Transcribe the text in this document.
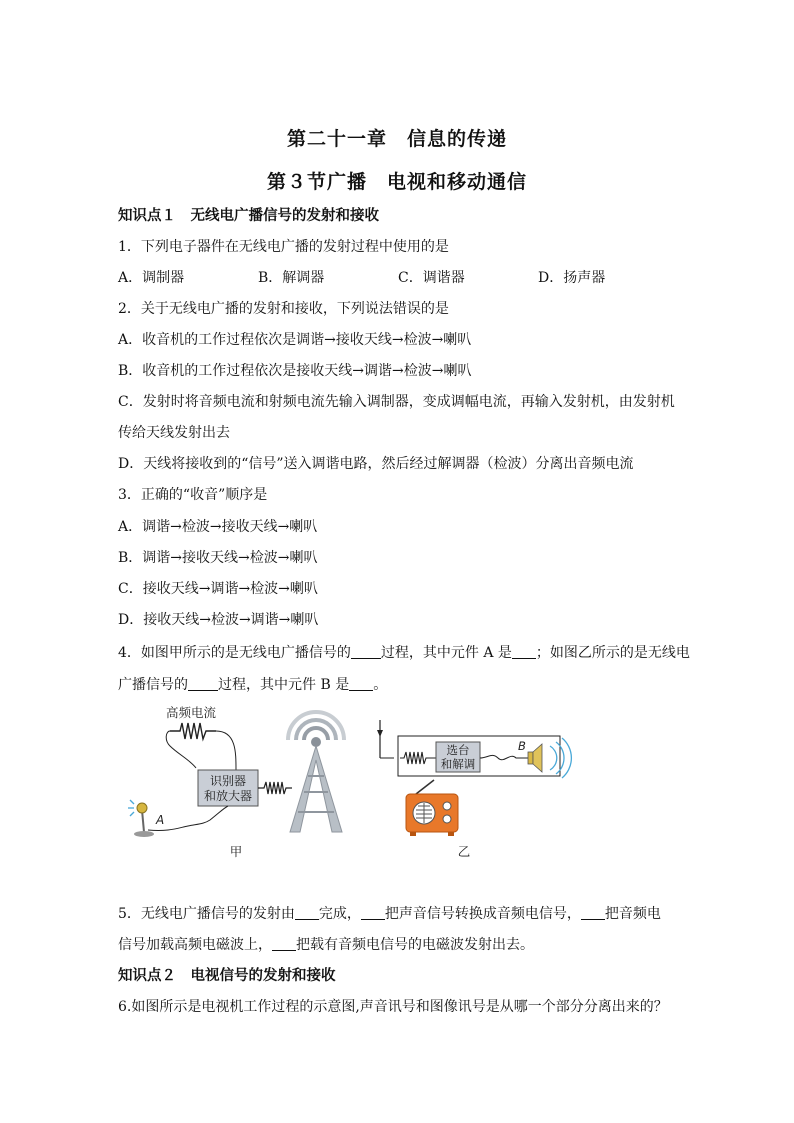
第二十一章　信息的传递
第３节广播　电视和移动通信
知识点１　无线电广播信号的发射和接收
1．下列电子器件在无线电广播的发射过程中使用的是
A．调制器	B．解调器	C．调谐器	D．扬声器
2．关于无线电广播的发射和接收，下列说法错误的是
A．收音机的工作过程依次是调谐→接收天线→检波→喇叭
B．收音机的工作过程依次是接收天线→调谐→检波→喇叭
C．发射时将音频电流和射频电流先输入调制器，变成调幅电流，再输入发射机，由发射机
传给天线发射出去
D．天线将接收到的“信号”送入调谐电路，然后经过解调器（检波）分离出音频电流
3．正确的“收音”顺序是
A．调谐→检波→接收天线→喇叭
B．调谐→接收天线→检波→喇叭
C．接收天线→调谐→检波→喇叭
D．接收天线→检波→调谐→喇叭
4．如图甲所示的是无线电广播信号的 过程，其中元件 A 是 ；如图乙所示的是无线电
广播信号的 过程，其中元件 B 是 。
高频电流
识别器
和放大器
A
甲
选台
和解调
B
乙
5．无线电广播信号的发射由 完成， 把声音信号转换成音频电信号， 把音频电
信号加载高频电磁波上， 把载有音频电信号的电磁波发射出去。
知识点２　电视信号的发射和接收
6.如图所示是电视机工作过程的示意图,声音讯号和图像讯号是从哪一个部分分离出来的？
